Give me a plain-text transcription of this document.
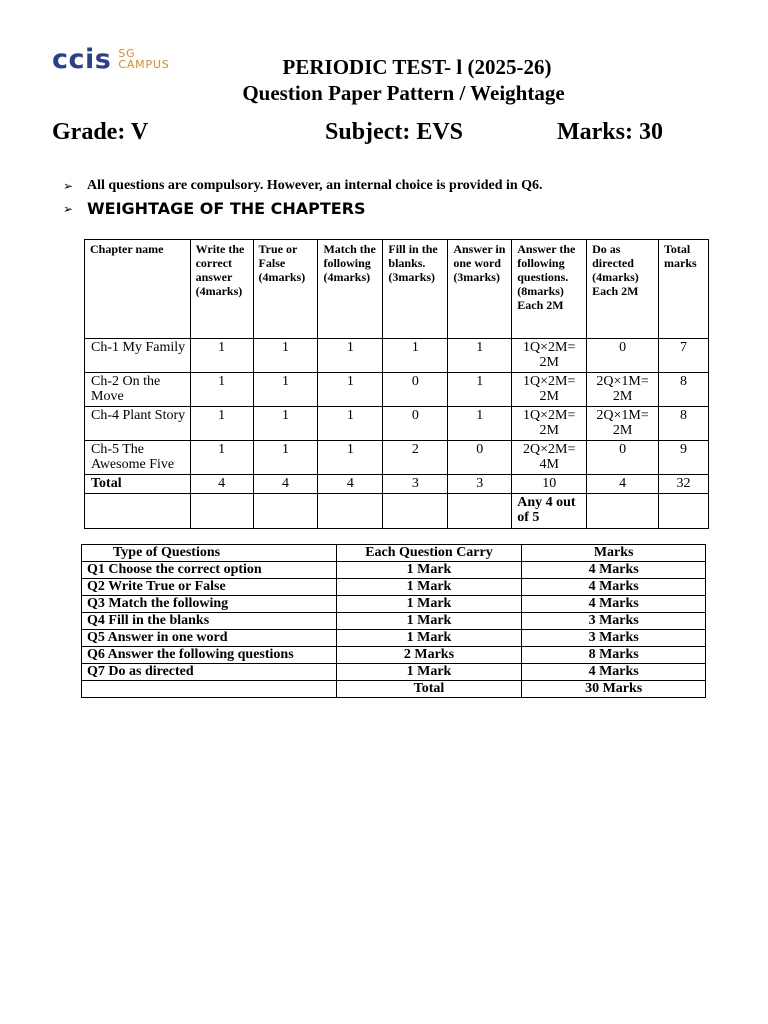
ccis SG
CAMPUS	PERIODIC TEST- l (2025-26)
Question Paper Pattern / Weightage
Grade: V	Subject: EVS	Marks: 30
➢ All questions are compulsory. However, an internal choice is provided in Q6.
➢ WEIGHTAGE OF THE CHAPTERS
Chapter name	Write the correct answer (4marks)	True or False (4marks)	Match the following (4marks)	Fill in the blanks. (3marks)	Answer in one word (3marks)	Answer the following questions. (8marks) Each 2M	Do as directed (4marks) Each 2M	Total marks
Ch-1 My Family	1	1	1	1	1	1Q×2M= 2M	0	7
Ch-2 On the Move	1	1	1	0	1	1Q×2M= 2M	2Q×1M= 2M	8
Ch-4 Plant Story	1	1	1	0	1	1Q×2M= 2M	2Q×1M= 2M	8
Ch-5 The Awesome Five	1	1	1	2	0	2Q×2M= 4M	0	9
Total	4	4	4	3	3	10	4	32
						Any 4 out of 5		
Type of Questions	Each Question Carry	Marks
Q1 Choose the correct option	1 Mark	4 Marks
Q2 Write True or False	1 Mark	4 Marks
Q3 Match the following	1 Mark	4 Marks
Q4 Fill in the blanks	1 Mark	3 Marks
Q5 Answer in one word	1 Mark	3 Marks
Q6 Answer the following questions	2 Marks	8 Marks
Q7 Do as directed	1 Mark	4 Marks
	Total	30 Marks
